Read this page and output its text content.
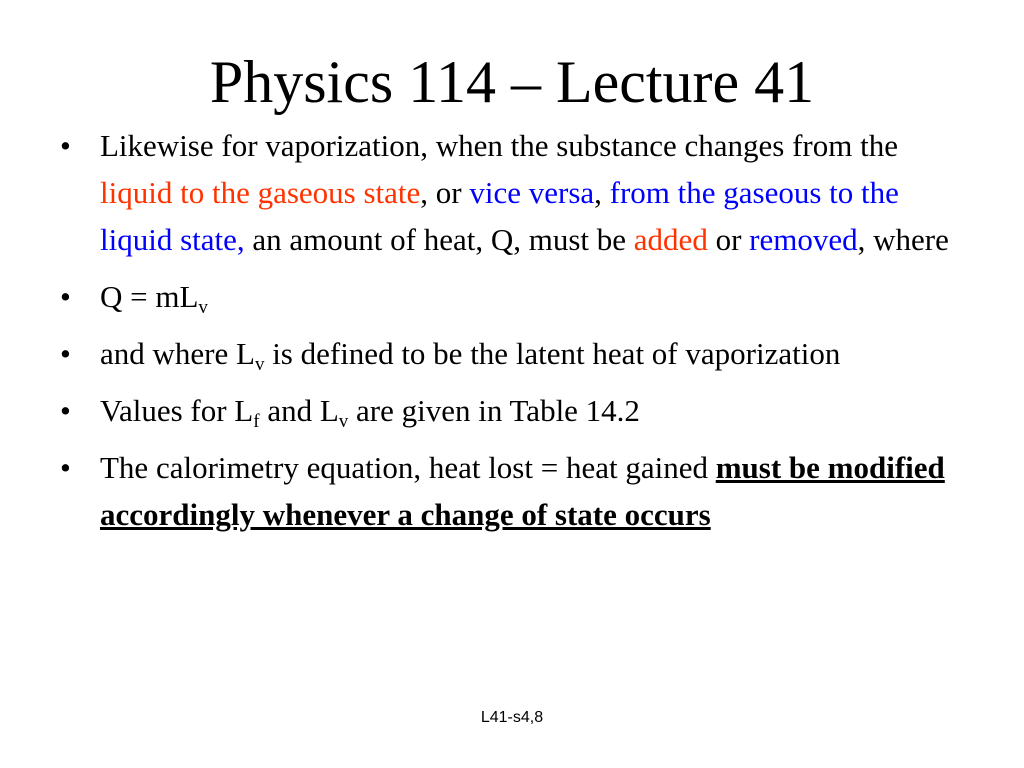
Physics 114 – Lecture 41
• Likewise for vaporization, when the substance changes from the liquid to the gaseous state, or vice versa, from the gaseous to the liquid state, an amount of heat, Q, must be added or removed, where
• $Q = mL_v$
• and where $L_v$ is defined to be the latent heat of vaporization
• Values for $L_f$ and $L_v$ are given in Table 14.2
• The calorimetry equation, heat lost = heat gained must be modified accordingly whenever a change of state occurs
L41-s4,8
